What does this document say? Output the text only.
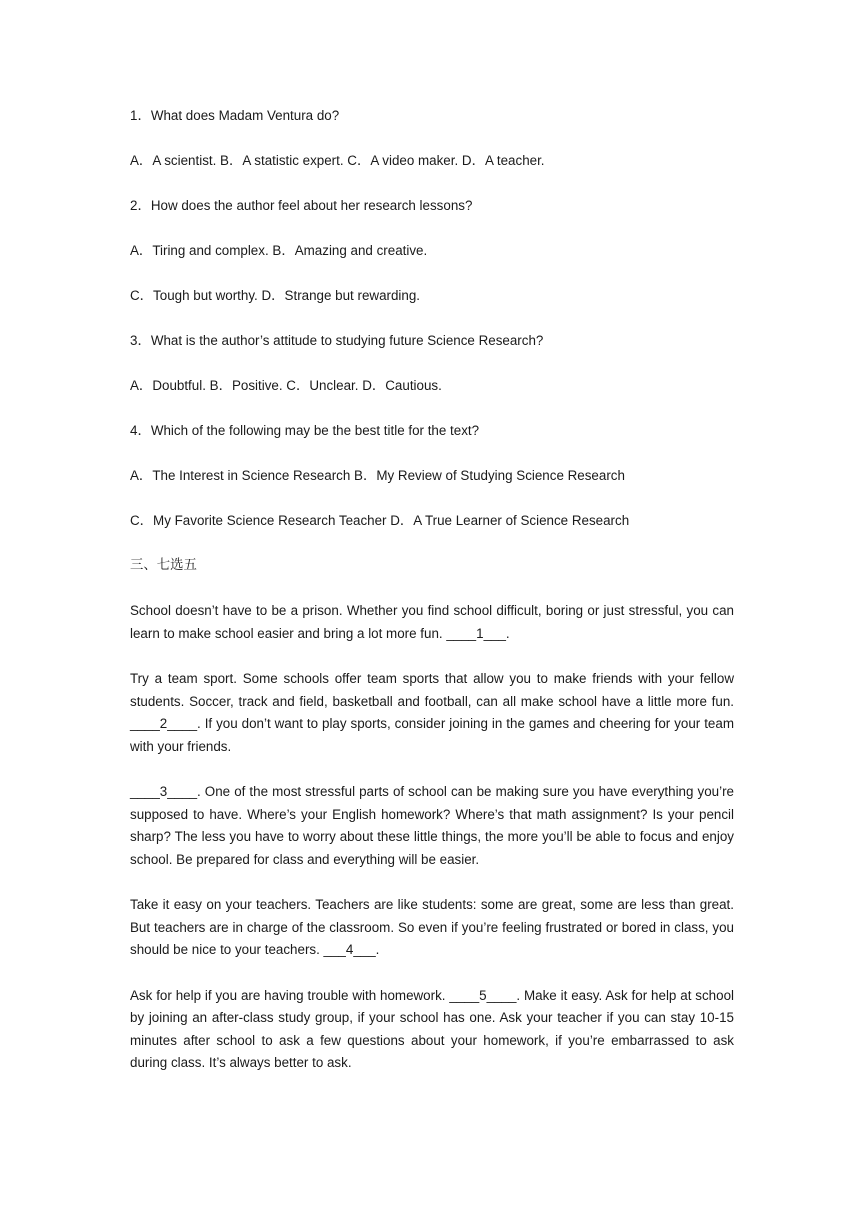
1．What does Madam Ventura do?

A．A scientist. B．A statistic expert. C．A video maker. D．A teacher.

2．How does the author feel about her research lessons?

A．Tiring and complex. B．Amazing and creative.

C．Tough but worthy. D．Strange but rewarding.

3．What is the author’s attitude to studying future Science Research?

A．Doubtful. B．Positive. C．Unclear. D．Cautious.

4．Which of the following may be the best title for the text?

A．The Interest in Science Research B．My Review of Studying Science Research

C．My Favorite Science Research Teacher D．A True Learner of Science Research

三、七选五

School doesn’t have to be a prison. Whether you find school difficult, boring or just stressful, you can learn to make school easier and bring a lot more fun. ____1___.

Try a team sport. Some schools offer team sports that allow you to make friends with your fellow students. Soccer, track and field, basketball and football, can all make school have a little more fun. ____2____. If you don’t want to play sports, consider joining in the games and cheering for your team with your friends.

____3____. One of the most stressful parts of school can be making sure you have everything you’re supposed to have. Where’s your English homework? Where’s that math assignment? Is your pencil sharp? The less you have to worry about these little things, the more you’ll be able to focus and enjoy school. Be prepared for class and everything will be easier.

Take it easy on your teachers. Teachers are like students: some are great, some are less than great. But teachers are in charge of the classroom. So even if you’re feeling frustrated or bored in class, you should be nice to your teachers. ___4___.

Ask for help if you are having trouble with homework. ____5____. Make it easy. Ask for help at school by joining an after-class study group, if your school has one. Ask your teacher if you can stay 10-15 minutes after school to ask a few questions about your homework, if you’re embarrassed to ask during class. It’s always better to ask.
